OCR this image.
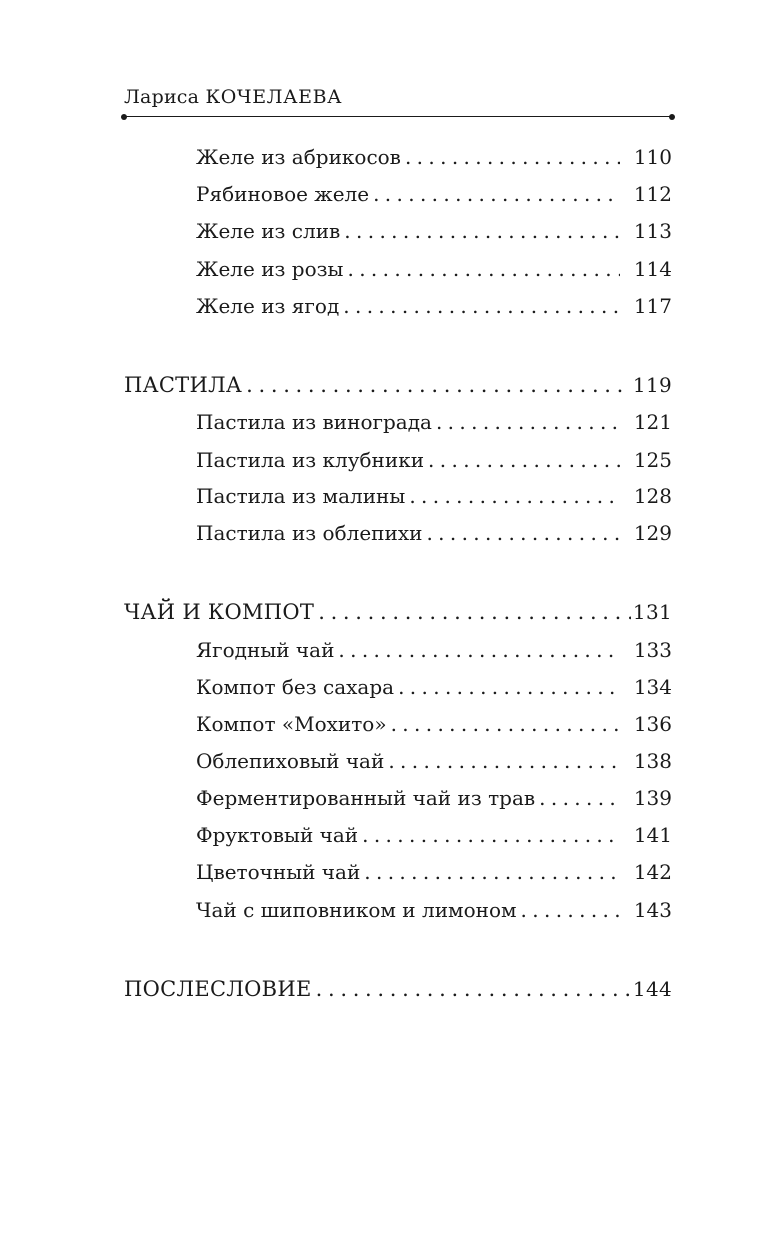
Лариса КОЧЕЛАЕВА
Желе из абрикосов . . .	110
Рябиновое желе . . .	112
Желе из слив . . .	113
Желе из розы . . .	114
Желе из ягод . . .	117
ПАСТИЛА . . .	119
Пастила из винограда . . .	121
Пастила из клубники . . .	125
Пастила из малины . . .	128
Пастила из облепихи . . .	129
ЧАЙ И КОМПОТ . . .	131
Ягодный чай . . .	133
Компот без сахара . . .	134
Компот «Мохито» . . .	136
Облепиховый чай . . .	138
Ферментированный чай из трав . . .	139
Фруктовый чай . . .	141
Цветочный чай . . .	142
Чай с шиповником и лимоном . . .	143
ПОСЛЕСЛОВИЕ . . .	144
